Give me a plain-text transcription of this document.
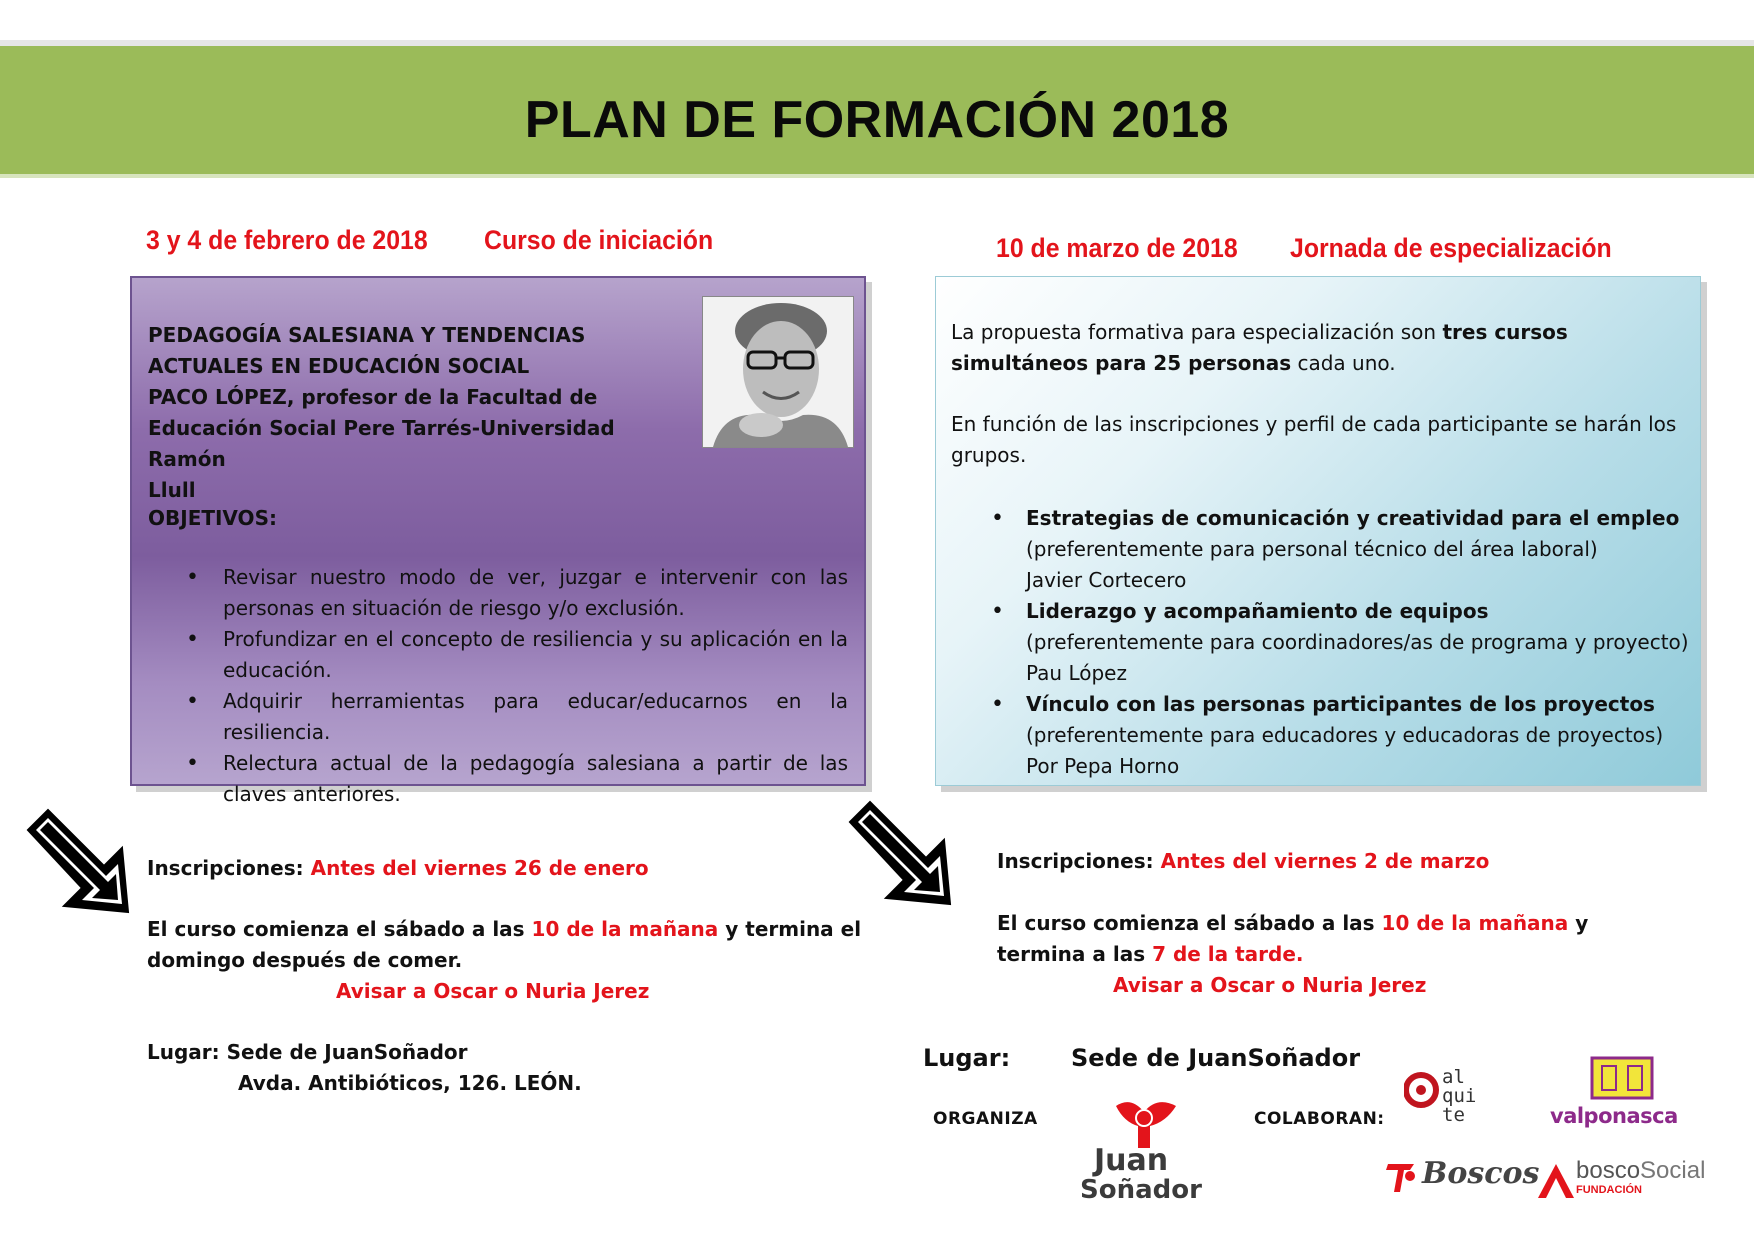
PLAN DE FORMACIÓN 2018
3 y 4 de febrero de 2018 Curso de iniciación	10 de marzo de 2018 Jornada de especialización
PEDAGOGÍA SALESIANA Y TENDENCIAS
ACTUALES EN EDUCACIÓN SOCIAL
PACO LÓPEZ, profesor de la Facultad de
Educación Social Pere Tarrés-Universidad Ramón
Llull
OBJETIVOS:
• Revisar nuestro modo de ver, juzgar e intervenir con las personas en situación de riesgo y/o exclusión.
• Profundizar en el concepto de resiliencia y su aplicación en la educación.
• Adquirir herramientas para educar/educarnos en la resiliencia.
• Relectura actual de la pedagogía salesiana a partir de las claves anteriores.
La propuesta formativa para especialización son tres cursos
simultáneos para 25 personas cada uno.
En función de las inscripciones y perfil de cada participante se harán los grupos.
• Estrategias de comunicación y creatividad para el empleo
(preferentemente para personal técnico del área laboral)
Javier Cortecero
• Liderazgo y acompañamiento de equipos
(preferentemente para coordinadores/as de programa y proyecto) Pau López
• Vínculo con las personas participantes de los proyectos
(preferentemente para educadores y educadoras de proyectos)
Por Pepa Horno
Inscripciones: Antes del viernes 26 de enero
El curso comienza el sábado a las 10 de la mañana y termina el
domingo después de comer.
Avisar a Oscar o Nuria Jerez
Lugar: Sede de JuanSoñador
Avda. Antibióticos, 126. LEÓN.
Inscripciones: Antes del viernes 2 de marzo
El curso comienza el sábado a las 10 de la mañana y
termina a las 7 de la tarde.
Avisar a Oscar o Nuria Jerez
Lugar:	Sede de JuanSoñador
ORGANIZA	COLABORAN:
Juan
Soñador
al
qui
te	valponasca
Boscos boscoSocial
FUNDACIÓN
